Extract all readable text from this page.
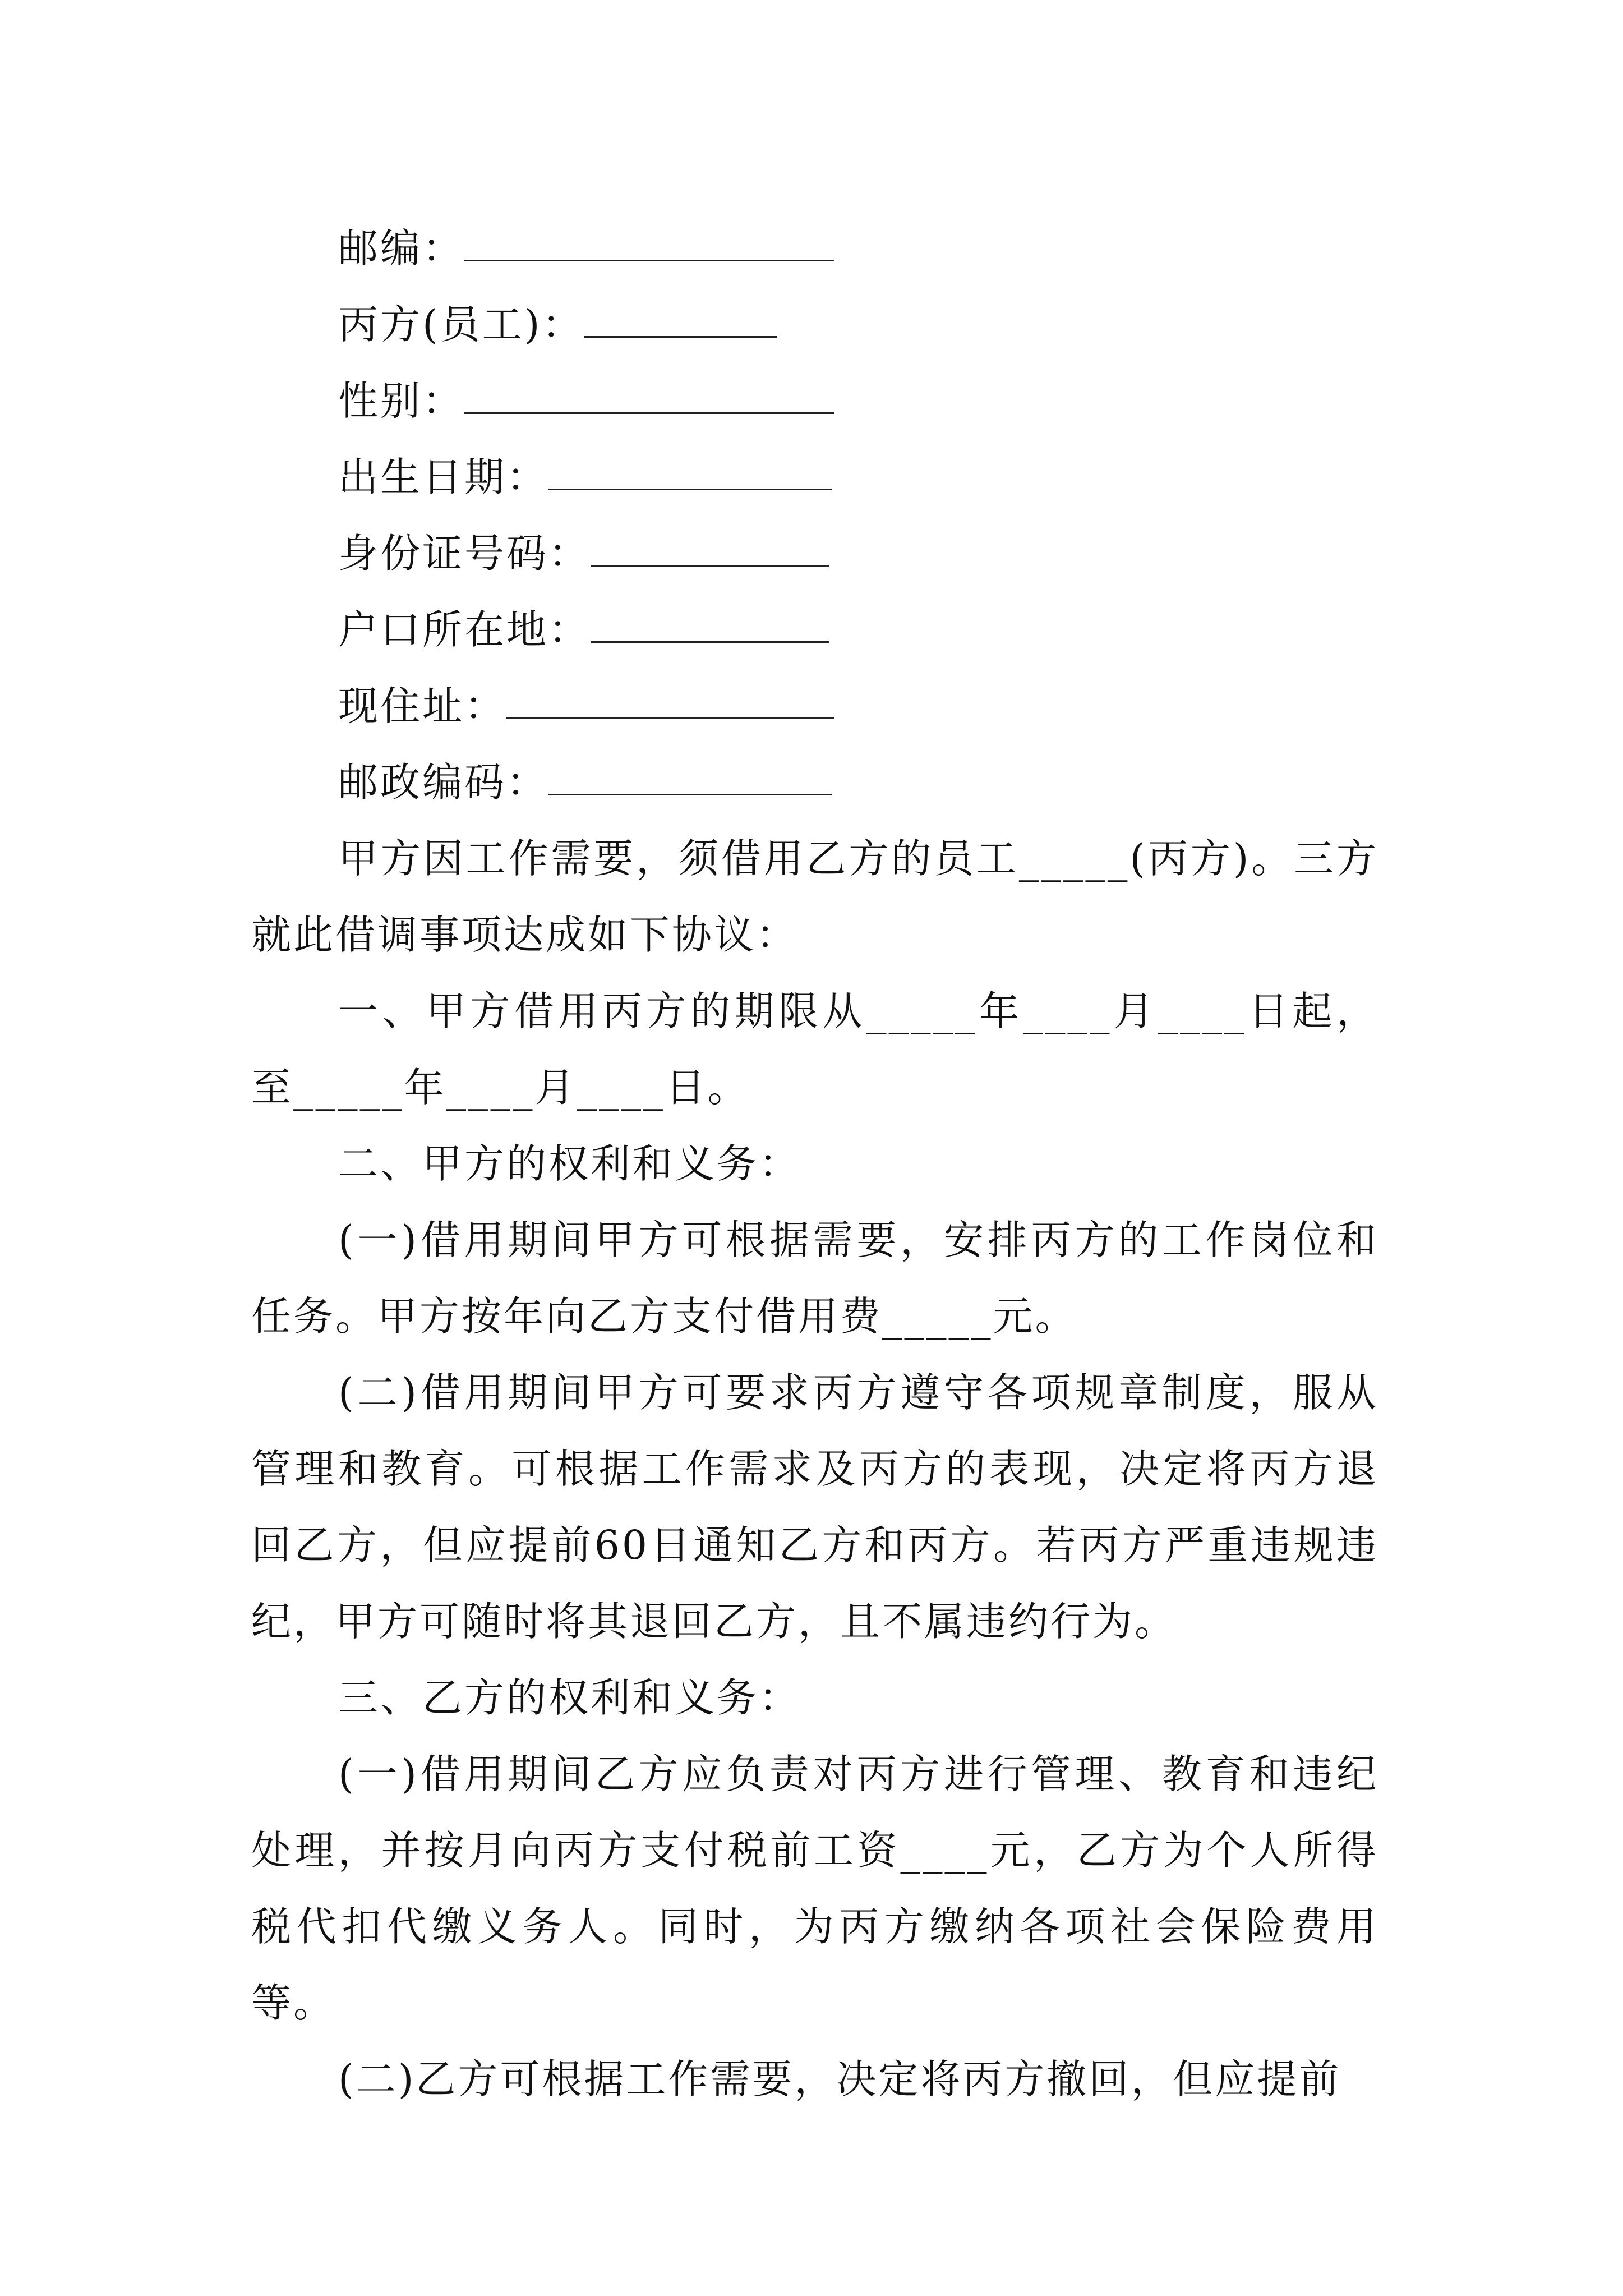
邮编：
丙方(员工)：
性别：
出生日期：
身份证号码：
户口所在地：
现住址：
邮政编码：

甲方因工作需要，须借用乙方的员工_____(丙方)。三方就此借调事项达成如下协议：

一、甲方借用丙方的期限从_____年____月____日起，至_____年____月____日。

二、甲方的权利和义务：

(一)借用期间甲方可根据需要，安排丙方的工作岗位和任务。甲方按年向乙方支付借用费_____元。

(二)借用期间甲方可要求丙方遵守各项规章制度，服从管理和教育。可根据工作需求及丙方的表现，决定将丙方退回乙方，但应提前60日通知乙方和丙方。若丙方严重违规违纪，甲方可随时将其退回乙方，且不属违约行为。

三、乙方的权利和义务：

(一)借用期间乙方应负责对丙方进行管理、教育和违纪处理，并按月向丙方支付税前工资____元，乙方为个人所得税代扣代缴义务人。同时，为丙方缴纳各项社会保险费用等。

(二)乙方可根据工作需要，决定将丙方撤回，但应提前
